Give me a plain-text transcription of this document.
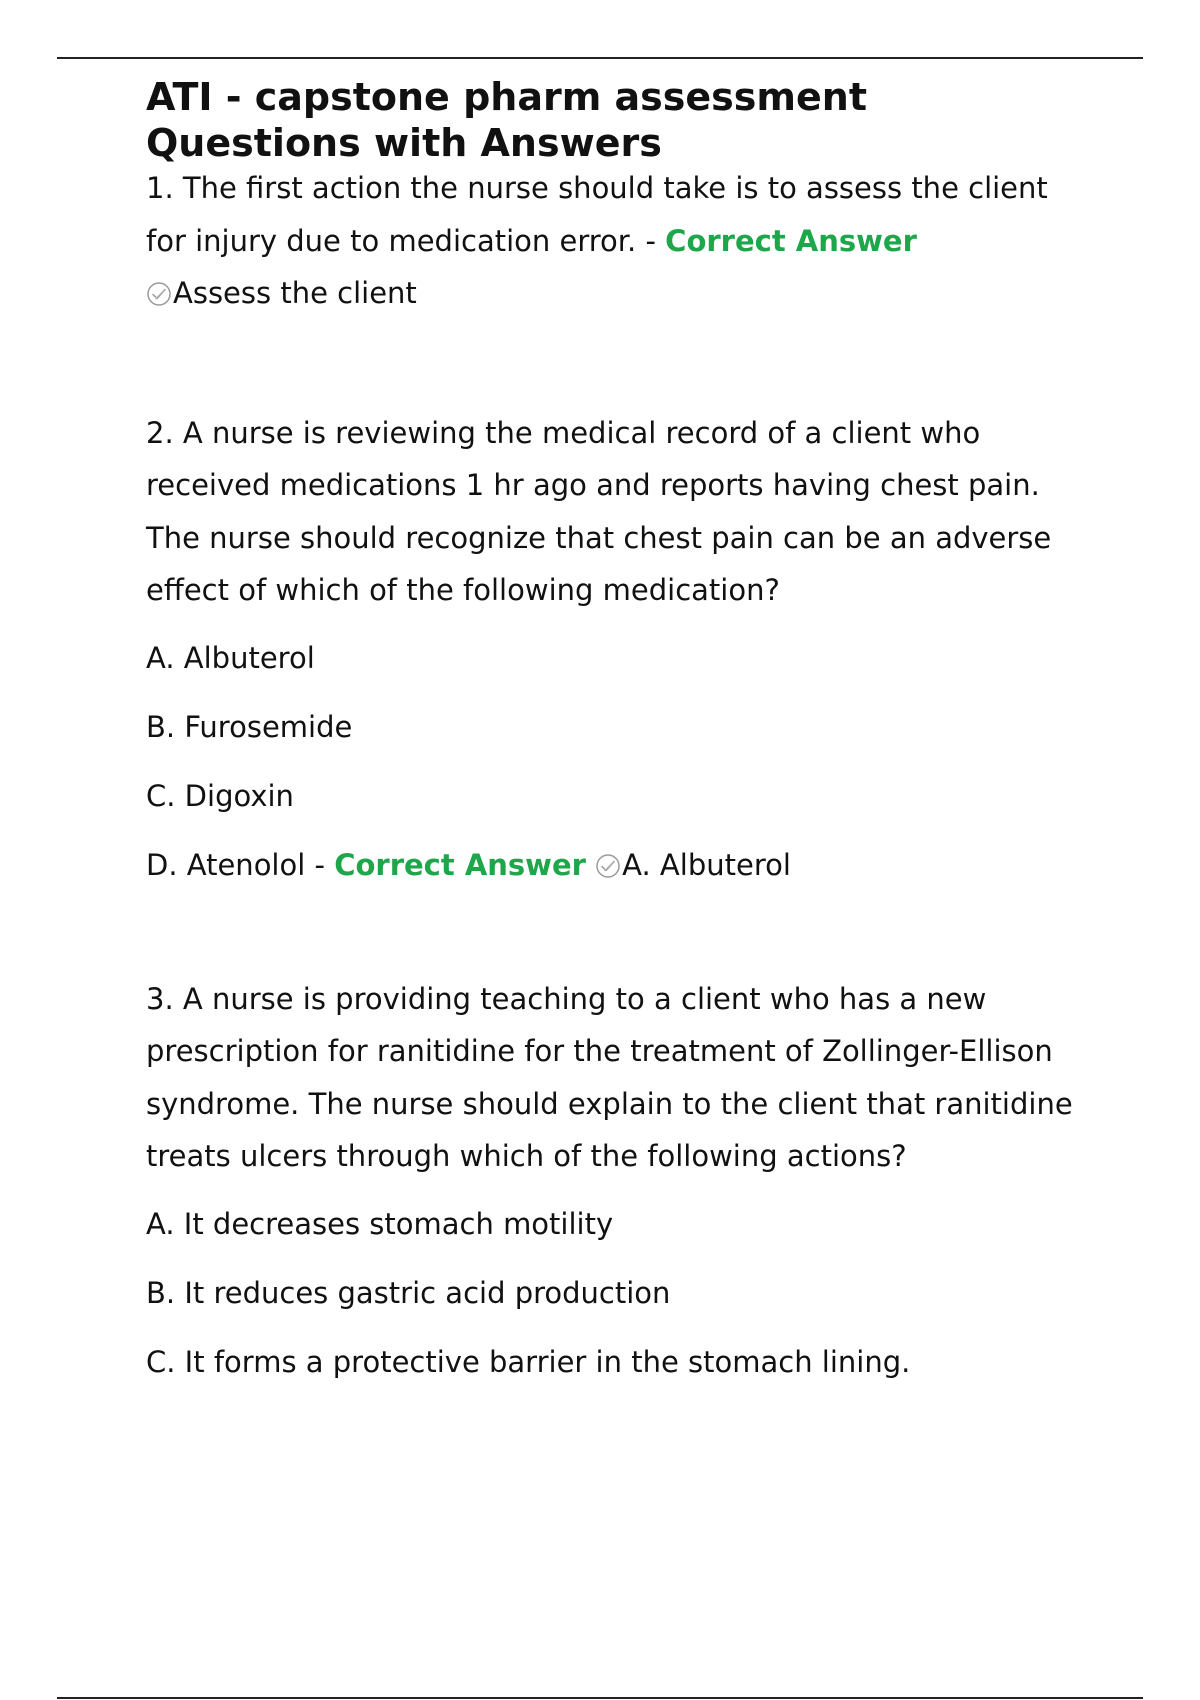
ATI - capstone pharm assessment
Questions with Answers

1. The first action the nurse should take is to assess the client for injury due to medication error. - Correct Answer
Assess the client

2. A nurse is reviewing the medical record of a client who received medications 1 hr ago and reports having chest pain. The nurse should recognize that chest pain can be an adverse effect of which of the following medication?

A. Albuterol

B. Furosemide

C. Digoxin

D. Atenolol - Correct Answer A. Albuterol

3. A nurse is providing teaching to a client who has a new prescription for ranitidine for the treatment of Zollinger-Ellison syndrome. The nurse should explain to the client that ranitidine treats ulcers through which of the following actions?

A. It decreases stomach motility

B. It reduces gastric acid production

C. It forms a protective barrier in the stomach lining.
